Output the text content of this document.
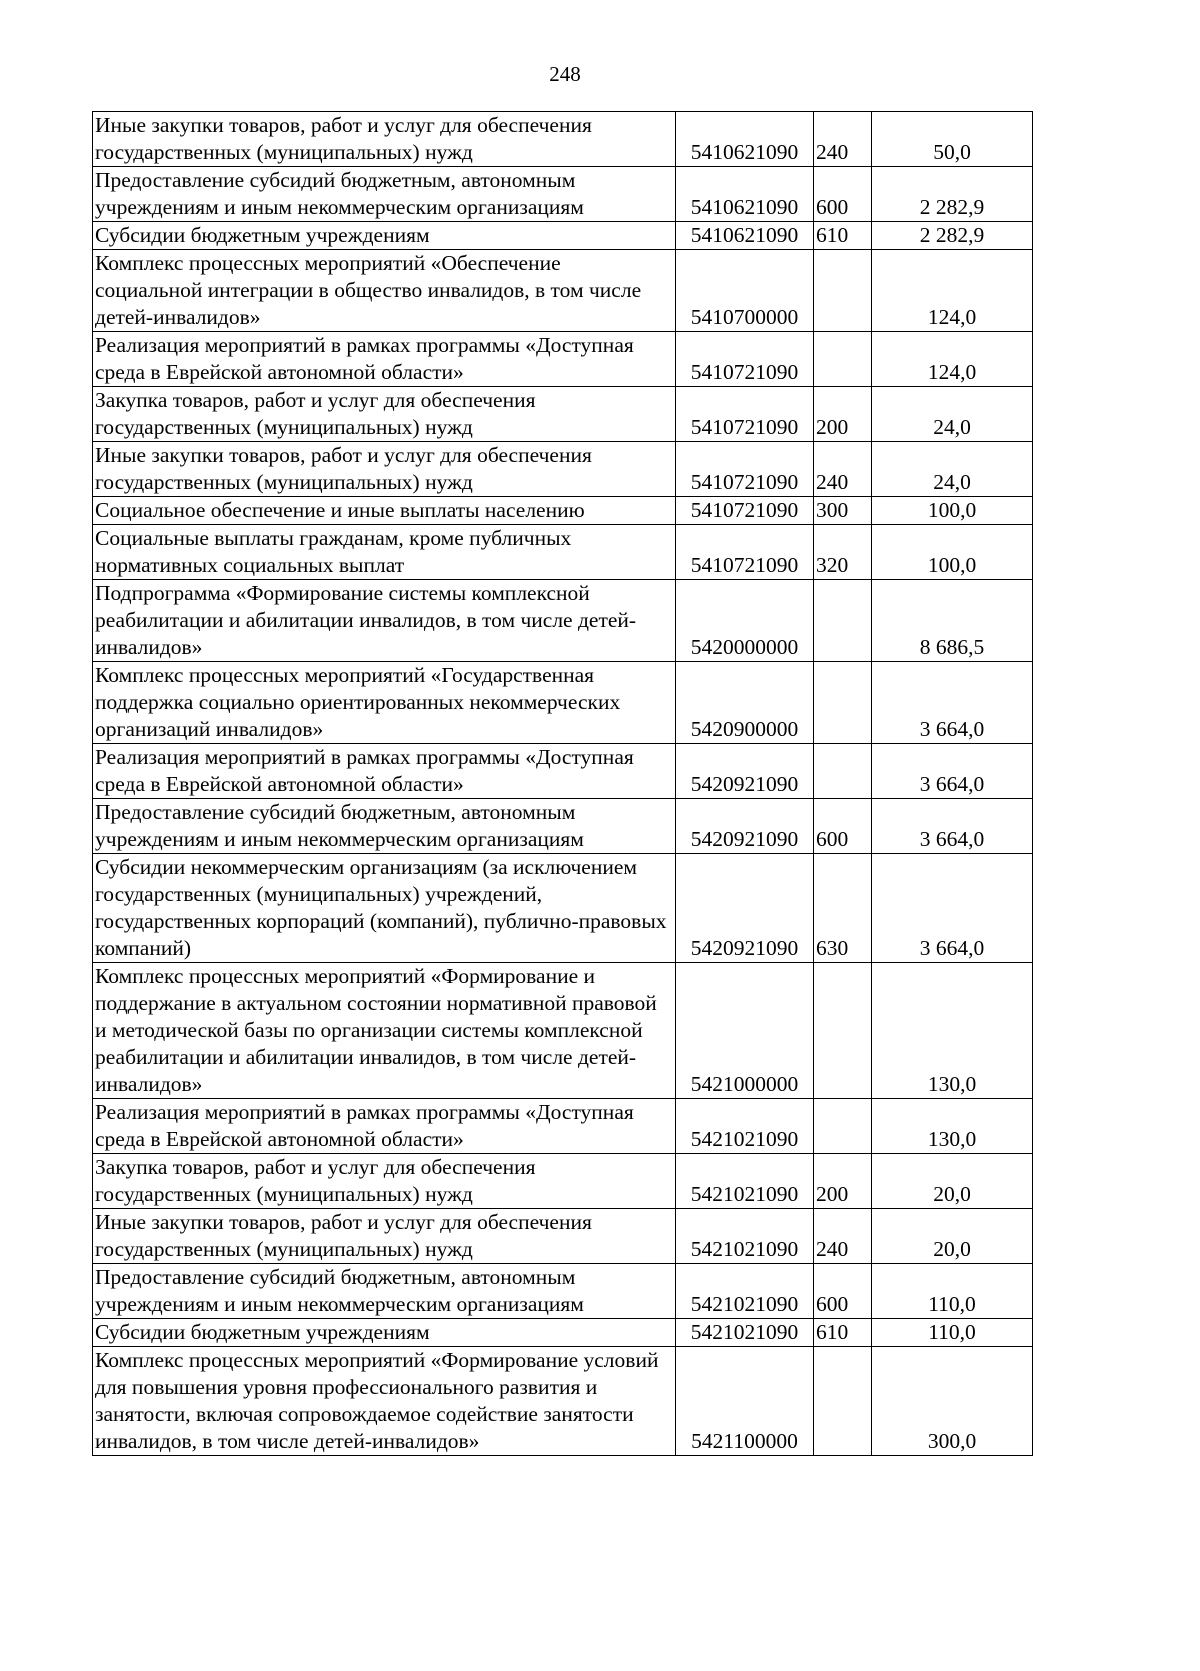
248
Иные закупки товаров, работ и услуг для обеспечения государственных (муниципальных) нужд	5410621090	240	50,0
Предоставление субсидий бюджетным, автономным учреждениям и иным некоммерческим организациям	5410621090	600	2 282,9
Субсидии бюджетным учреждениям	5410621090	610	2 282,9
Комплекс процессных мероприятий «Обеспечение социальной интеграции в общество инвалидов, в том числе детей-инвалидов»	5410700000		124,0
Реализация мероприятий в рамках программы «Доступная среда в Еврейской автономной области»	5410721090		124,0
Закупка товаров, работ и услуг для обеспечения государственных (муниципальных) нужд	5410721090	200	24,0
Иные закупки товаров, работ и услуг для обеспечения государственных (муниципальных) нужд	5410721090	240	24,0
Социальное обеспечение и иные выплаты населению	5410721090	300	100,0
Социальные выплаты гражданам, кроме публичных нормативных социальных выплат	5410721090	320	100,0
Подпрограмма «Формирование системы комплексной реабилитации и абилитации инвалидов, в том числе детей-инвалидов»	5420000000		8 686,5
Комплекс процессных мероприятий «Государственная поддержка социально ориентированных некоммерческих организаций инвалидов»	5420900000		3 664,0
Реализация мероприятий в рамках программы «Доступная среда в Еврейской автономной области»	5420921090		3 664,0
Предоставление субсидий бюджетным, автономным учреждениям и иным некоммерческим организациям	5420921090	600	3 664,0
Субсидии некоммерческим организациям (за исключением государственных (муниципальных) учреждений, государственных корпораций (компаний), публично-правовых компаний)	5420921090	630	3 664,0
Комплекс процессных мероприятий «Формирование и поддержание в актуальном состоянии нормативной правовой и методической базы по организации системы комплексной реабилитации и абилитации инвалидов, в том числе детей-инвалидов»	5421000000		130,0
Реализация мероприятий в рамках программы «Доступная среда в Еврейской автономной области»	5421021090		130,0
Закупка товаров, работ и услуг для обеспечения государственных (муниципальных) нужд	5421021090	200	20,0
Иные закупки товаров, работ и услуг для обеспечения государственных (муниципальных) нужд	5421021090	240	20,0
Предоставление субсидий бюджетным, автономным учреждениям и иным некоммерческим организациям	5421021090	600	110,0
Субсидии бюджетным учреждениям	5421021090	610	110,0
Комплекс процессных мероприятий «Формирование условий для повышения уровня профессионального развития и занятости, включая сопровождаемое содействие занятости инвалидов, в том числе детей-инвалидов»	5421100000		300,0
